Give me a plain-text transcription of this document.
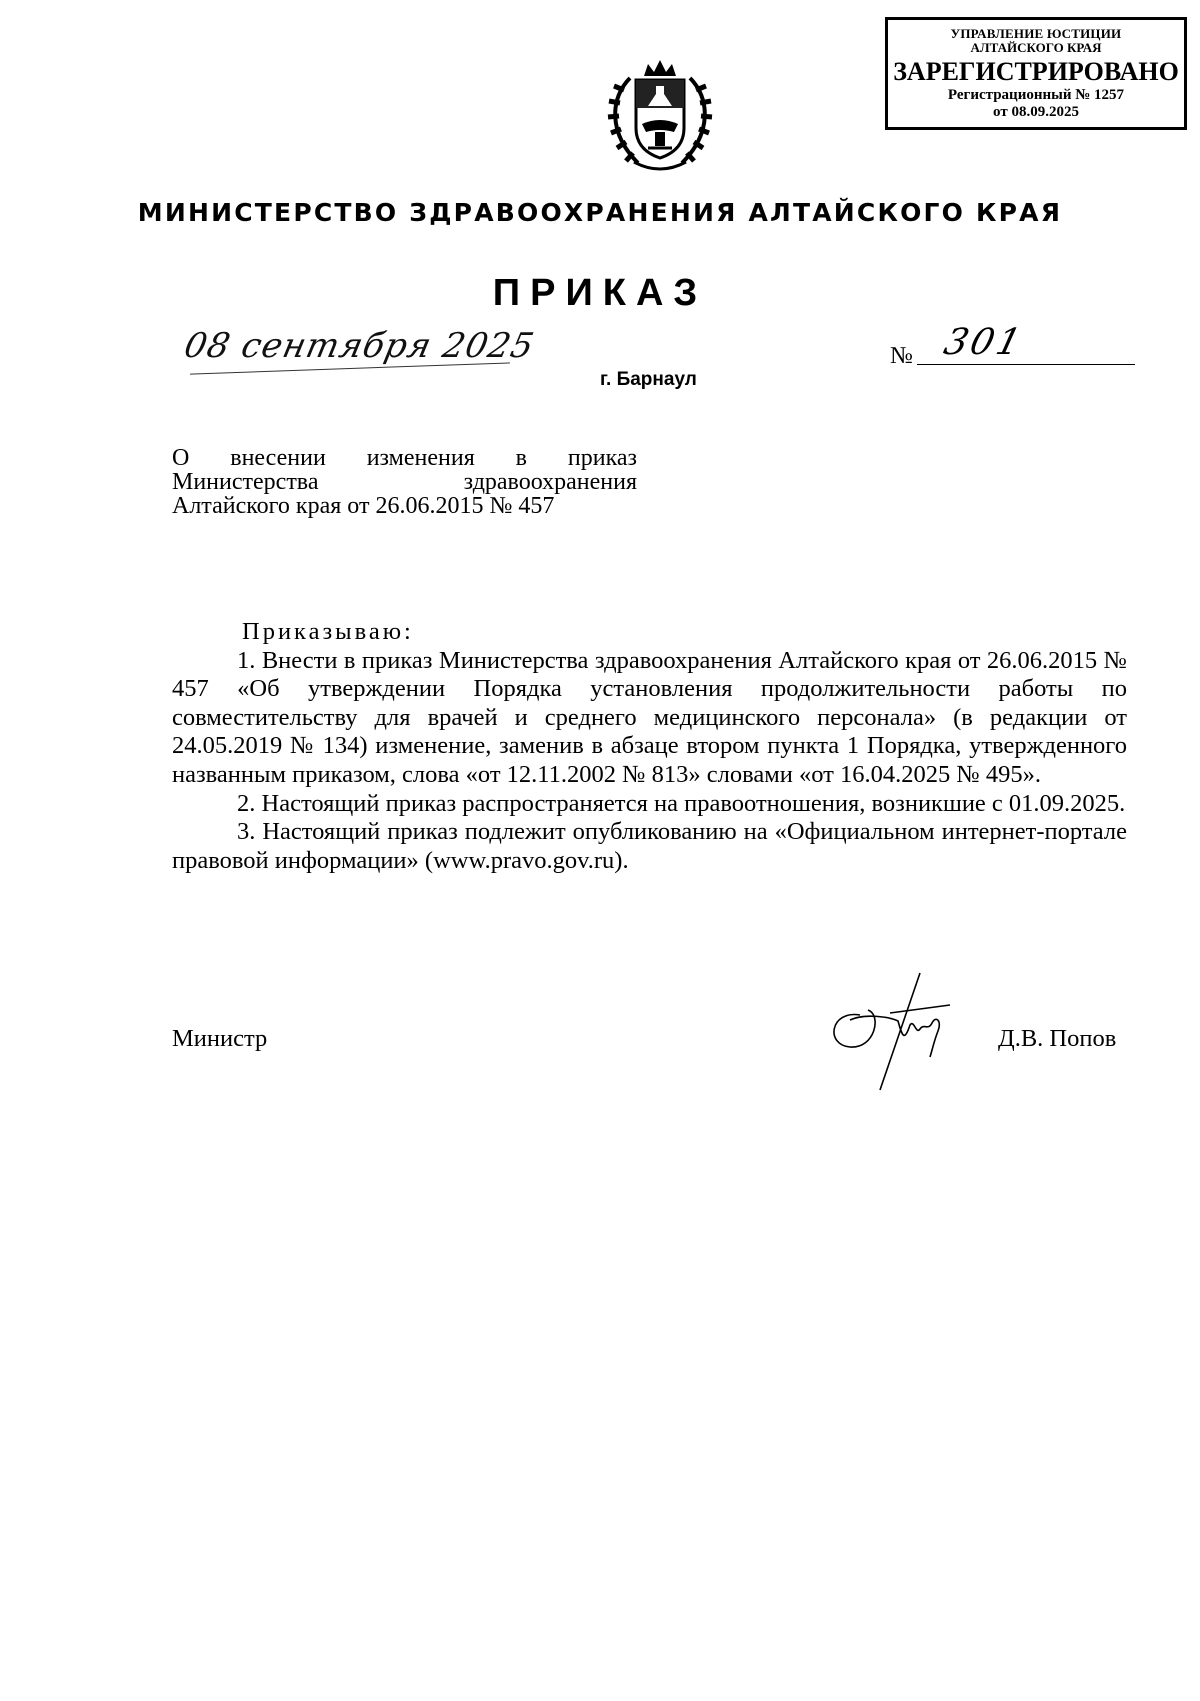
УПРАВЛЕНИЕ ЮСТИЦИИ
АЛТАЙСКОГО КРАЯ
ЗАРЕГИСТРИРОВАНО
Регистрационный № 1257
от 08.09.2025
МИНИСТЕРСТВО ЗДРАВООХРАНЕНИЯ АЛТАЙСКОГО КРАЯ
ПРИКАЗ
08 сентября 2025
г. Барнаул
№ 301
О внесении изменения в приказ
Министерства здравоохранения
Алтайского края от 26.06.2015 № 457

Приказываю:

1. Внести в приказ Министерства здравоохранения Алтайского края от 26.06.2015 № 457 «Об утверждении Порядка установления продолжительности работы по совместительству для врачей и среднего медицинского персонала» (в редакции от 24.05.2019 № 134) изменение, заменив в абзаце втором пункта 1 Порядка, утвержденного названным приказом, слова «от 12.11.2002 № 813» словами «от 16.04.2025 № 495».

2. Настоящий приказ распространяется на правоотношения, возникшие с 01.09.2025.

3. Настоящий приказ подлежит опубликованию на «Официальном интернет-портале правовой информации» (www.pravo.gov.ru).

Министр	Д.В. Попов
